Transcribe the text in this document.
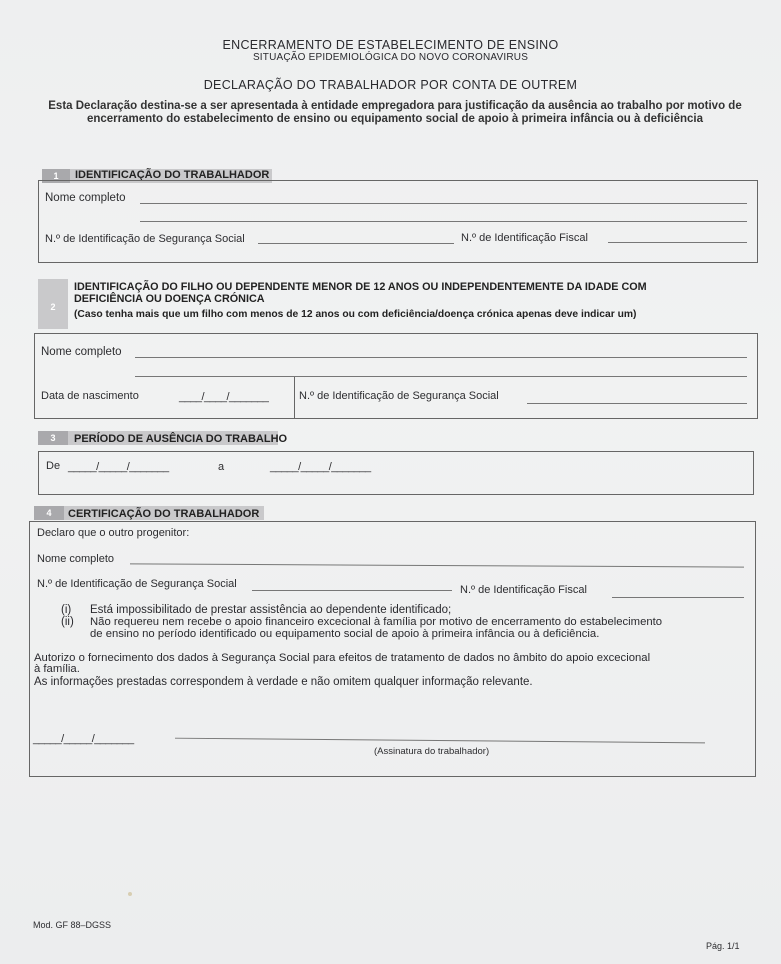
ENCERRAMENTO DE ESTABELECIMENTO DE ENSINO
SITUAÇÃO EPIDEMIOLÓGICA DO NOVO CORONAVIRUS
DECLARAÇÃO DO TRABALHADOR POR CONTA DE OUTREM
Esta Declaração destina-se a ser apresentada à entidade empregadora para justificação da ausência ao trabalho por motivo de encerramento do estabelecimento de ensino ou equipamento social de apoio à primeira infância ou à deficiência
1	IDENTIFICAÇÃO DO TRABALHADOR
Nome completo
N.º de Identificação de Segurança Social	N.º de Identificação Fiscal
2
IDENTIFICAÇÃO DO FILHO OU DEPENDENTE MENOR DE 12 ANOS OU INDEPENDENTEMENTE DA IDADE COM
DEFICIÊNCIA OU DOENÇA CRÓNICA
(Caso tenha mais que um filho com menos de 12 anos ou com deficiência/doença crónica apenas deve indicar um)
Nome completo
Data de nascimento	____/____/_______	N.º de Identificação de Segurança Social
3	PERÍODO DE AUSÊNCIA DO TRABALHO
De _____/_____/_______	a	_____/_____/_______
4	CERTIFICAÇÃO DO TRABALHADOR
Declaro que o outro progenitor:
Nome completo
N.º de Identificação de Segurança Social	N.º de Identificação Fiscal
(i) Está impossibilitado de prestar assistência ao dependente identificado;
(ii) Não requereu nem recebe o apoio financeiro excecional à família por motivo de encerramento do estabelecimento
de ensino no período identificado ou equipamento social de apoio à primeira infância ou à deficiência.
Autorizo o fornecimento dos dados à Segurança Social para efeitos de tratamento de dados no âmbito do apoio excecional
à família.
As informações prestadas correspondem à verdade e não omitem qualquer informação relevante.
_____/_____/_______
(Assinatura do trabalhador)
Mod. GF 88–DGSS
Pág. 1/1
